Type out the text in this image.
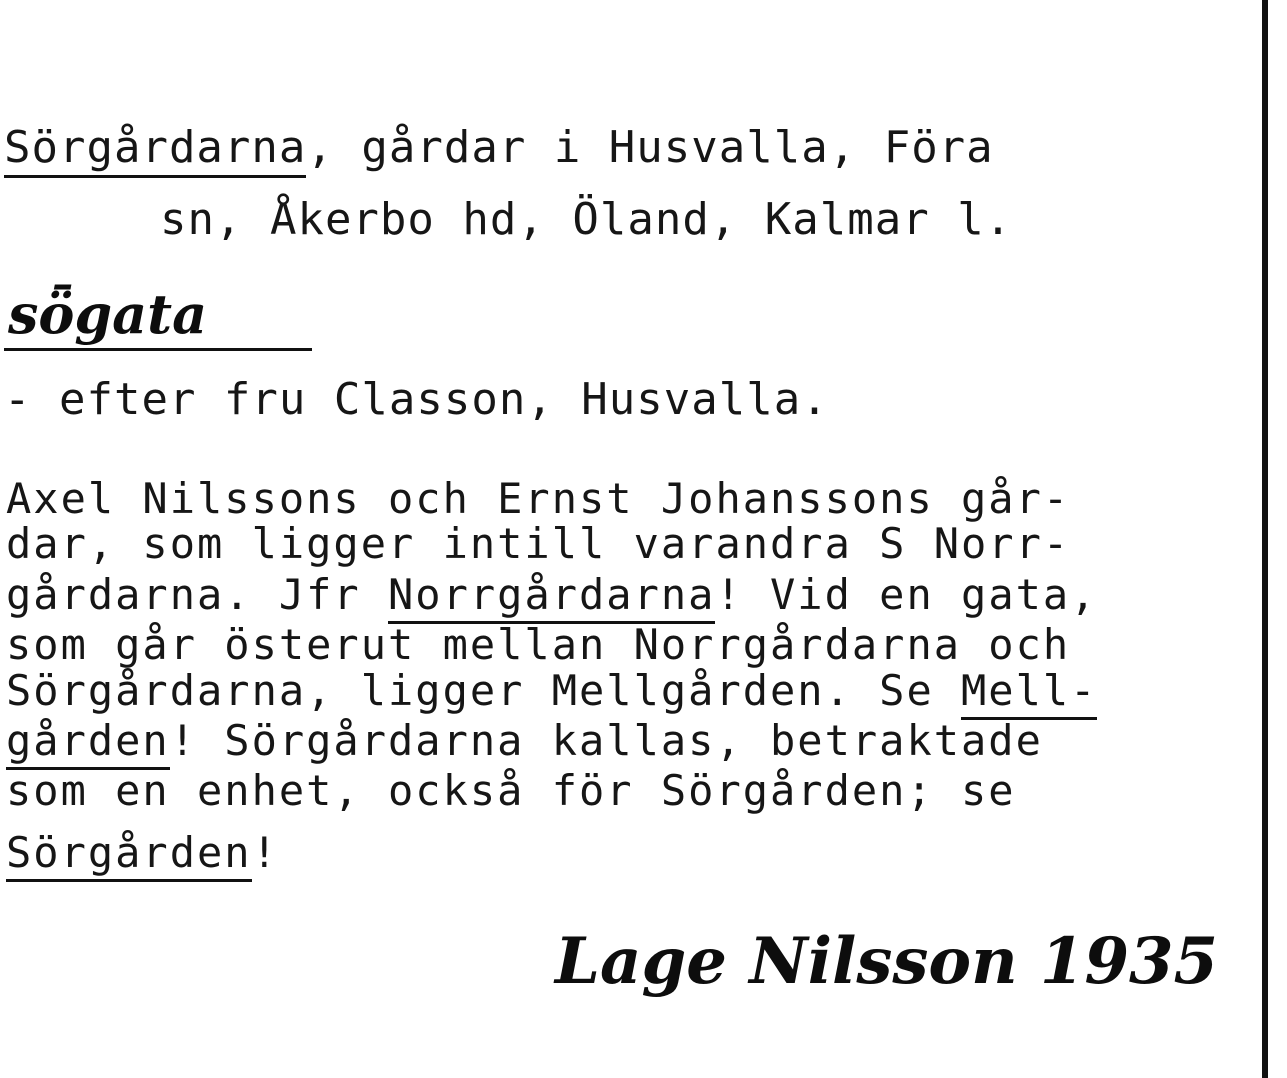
Sörgårdarna, gårdar i Husvalla, Föra
sn, Åkerbo hd, Öland, Kalmar l.
sȫgata
- efter fru Classon, Husvalla.
Axel Nilssons och Ernst Johanssons går-
dar, som ligger intill varandra S Norr-
gårdarna. Jfr Norrgårdarna! Vid en gata,
som går österut mellan Norrgårdarna och
Sörgårdarna, ligger Mellgården. Se Mell-
gården! Sörgårdarna kallas, betraktade
som en enhet, också för Sörgården; se
Sörgården!
Lage Nilsson 1935
